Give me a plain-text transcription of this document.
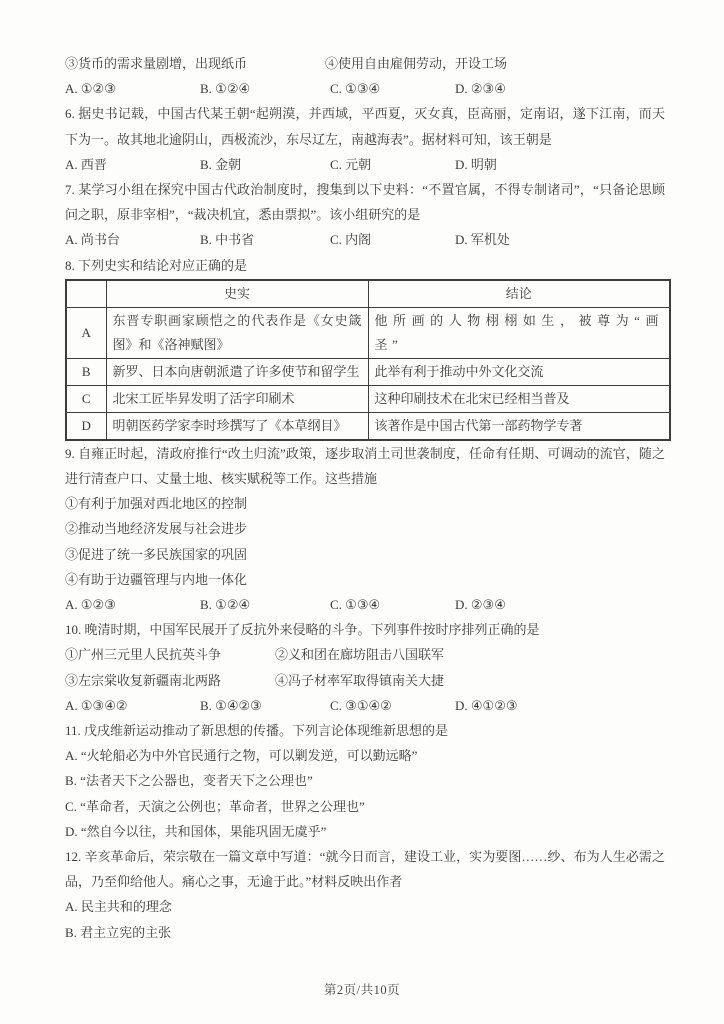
③货币的需求量剧增，出现纸币	④使用自由雇佣劳动，开设工场
A. ①②③	B. ①②④	C. ①③④	D. ②③④

6. 据史书记载，中国古代某王朝“起朔漠，并西域，平西夏，灭女真，臣高丽，定南诏，遂下江南，而天下为一。故其地北逾阴山，西极流沙，东尽辽左，南越海表”。据材料可知，该王朝是

A. 西晋	B. 金朝	C. 元朝	D. 明朝

7. 某学习小组在探究中国古代政治制度时，搜集到以下史料：“不置官属，不得专制诸司”，“只备论思顾问之职，原非宰相”，“裁决机宜，悉由票拟”。该小组研究的是

A. 尚书台	B. 中书省	C. 内阁	D. 军机处

8. 下列史实和结论对应正确的是

	史实	结论
A	东晋专职画家顾恺之的代表作是《女史箴图》和《洛神赋图》	他所画的人物栩栩如生，被尊为“画圣”
B	新罗、日本向唐朝派遣了许多使节和留学生	此举有利于推动中外文化交流
C	北宋工匠毕昇发明了活字印刷术	这种印刷技术在北宋已经相当普及
D	明朝医药学家李时珍撰写了《本草纲目》	该著作是中国古代第一部药物学专著

9. 自雍正时起，清政府推行“改土归流”政策，逐步取消土司世袭制度，任命有任期、可调动的流官，随之进行清查户口、丈量土地、核实赋税等工作。这些措施

①有利于加强对西北地区的控制

②推动当地经济发展与社会进步

③促进了统一多民族国家的巩固

④有助于边疆管理与内地一体化

A. ①②③	B. ①②④	C. ①③④	D. ②③④

10. 晚清时期，中国军民展开了反抗外来侵略的斗争。下列事件按时序排列正确的是

①广州三元里人民抗英斗争	②义和团在廊坊阻击八国联军
③左宗棠收复新疆南北两路	④冯子材率军取得镇南关大捷
A. ①③④②	B. ①④②③	C. ③①④②	D. ④①②③

11. 戊戌维新运动推动了新思想的传播。下列言论体现维新思想的是

A. “火轮船必为中外官民通行之物，可以剿发逆，可以勤远略”

B. “法者天下之公器也，变者天下之公理也”

C. “革命者，天演之公例也；革命者，世界之公理也”

D. “然自今以往，共和国体，果能巩固无虞乎”

12. 辛亥革命后，荣宗敬在一篇文章中写道：“就今日而言，建设工业，实为要图……纱、布为人生必需之品，乃至仰给他人。痛心之事，无逾于此。”材料反映出作者

A. 民主共和的理念

B. 君主立宪的主张

第2页/共10页
